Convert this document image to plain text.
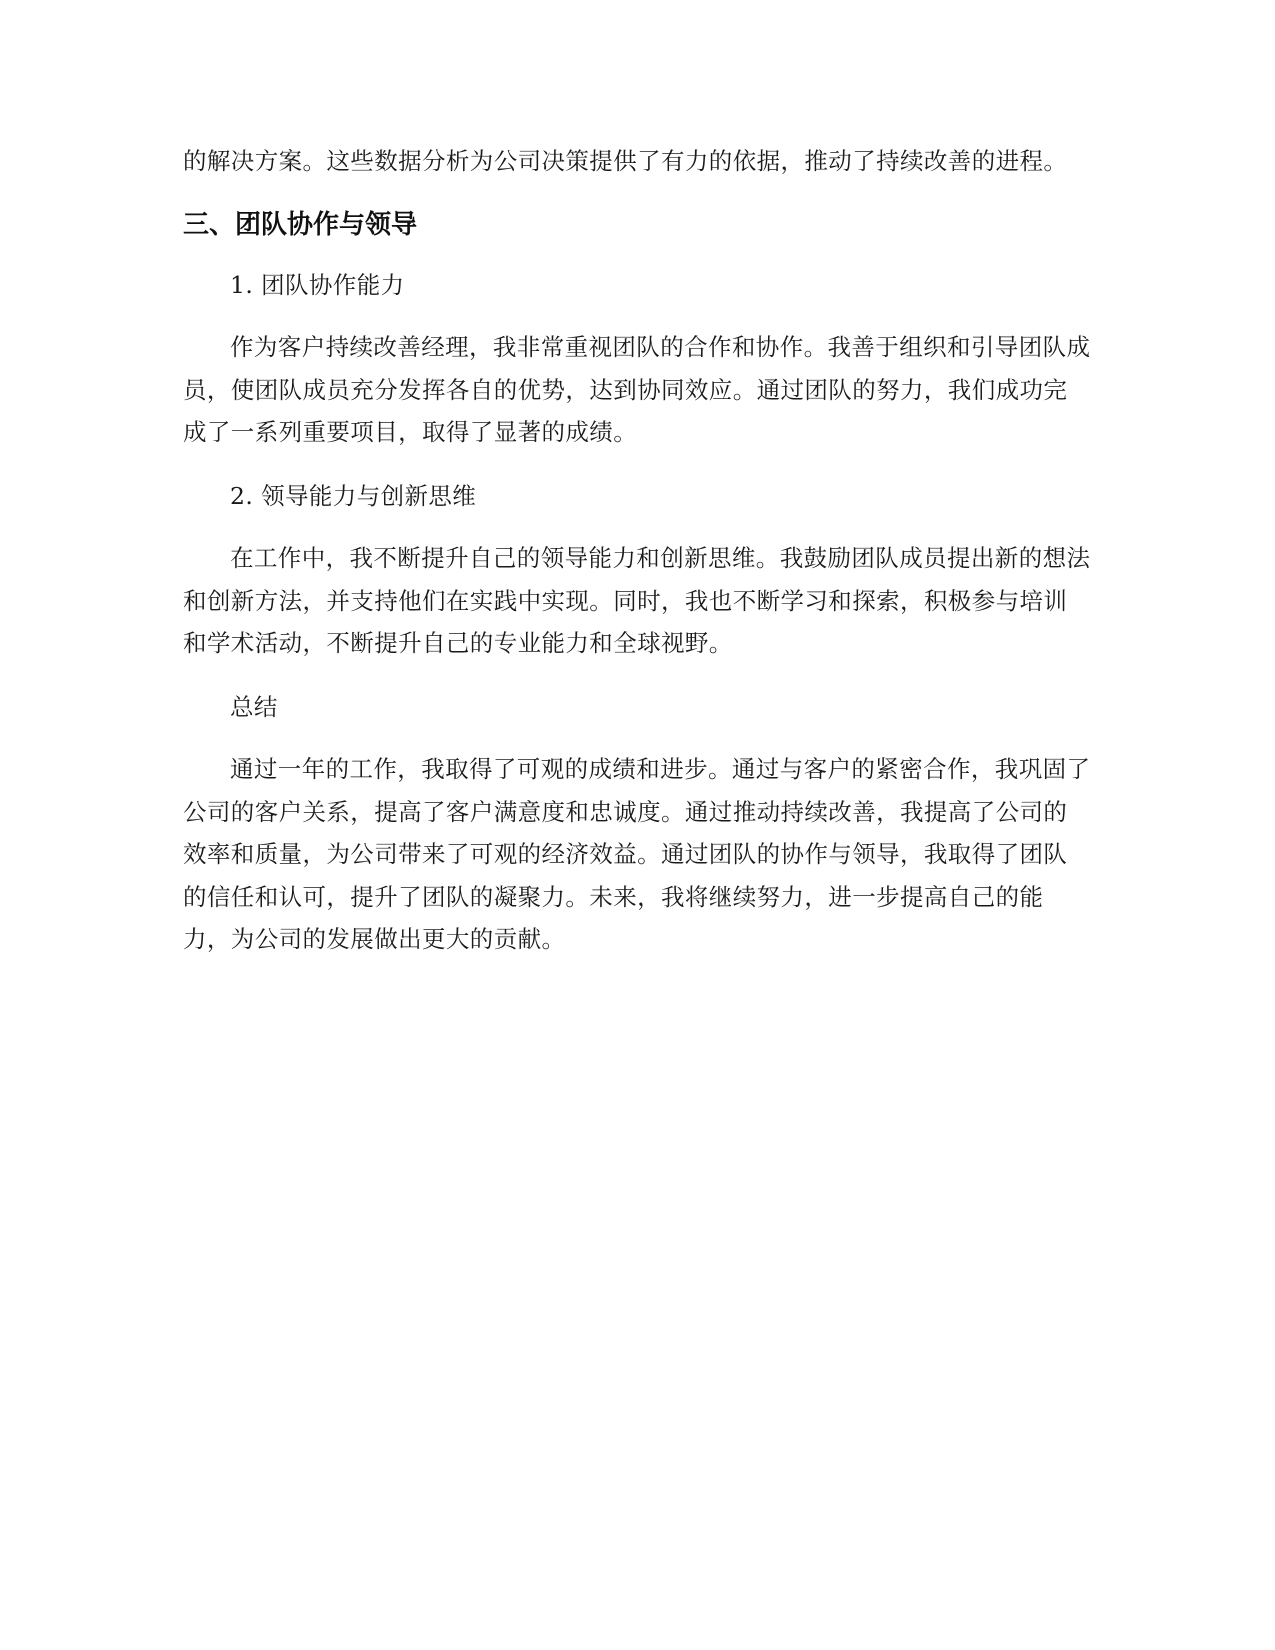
的解决方案。这些数据分析为公司决策提供了有力的依据，推动了持续改善的进程。

三、团队协作与领导

1. 团队协作能力

作为客户持续改善经理，我非常重视团队的合作和协作。我善于组织和引导团队成员，使团队成员充分发挥各自的优势，达到协同效应。通过团队的努力，我们成功完成了一系列重要项目，取得了显著的成绩。

2. 领导能力与创新思维

在工作中，我不断提升自己的领导能力和创新思维。我鼓励团队成员提出新的想法和创新方法，并支持他们在实践中实现。同时，我也不断学习和探索，积极参与培训和学术活动，不断提升自己的专业能力和全球视野。

总结

通过一年的工作，我取得了可观的成绩和进步。通过与客户的紧密合作，我巩固了公司的客户关系，提高了客户满意度和忠诚度。通过推动持续改善，我提高了公司的效率和质量，为公司带来了可观的经济效益。通过团队的协作与领导，我取得了团队的信任和认可，提升了团队的凝聚力。未来，我将继续努力，进一步提高自己的能力，为公司的发展做出更大的贡献。
